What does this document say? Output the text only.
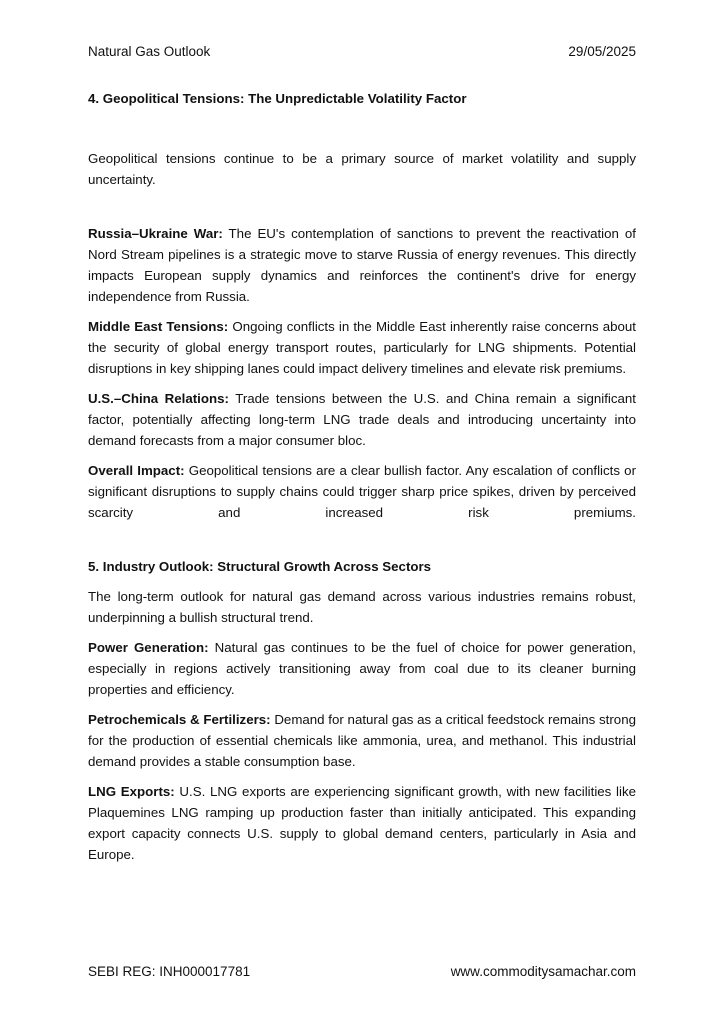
Natural Gas Outlook	29/05/2025

4. Geopolitical Tensions: The Unpredictable Volatility Factor

Geopolitical tensions continue to be a primary source of market volatility and supply uncertainty.

Russia–Ukraine War: The EU's contemplation of sanctions to prevent the reactivation of Nord Stream pipelines is a strategic move to starve Russia of energy revenues. This directly impacts European supply dynamics and reinforces the continent's drive for energy independence from Russia.

Middle East Tensions: Ongoing conflicts in the Middle East inherently raise concerns about the security of global energy transport routes, particularly for LNG shipments. Potential disruptions in key shipping lanes could impact delivery timelines and elevate risk premiums.

U.S.–China Relations: Trade tensions between the U.S. and China remain a significant factor, potentially affecting long-term LNG trade deals and introducing uncertainty into demand forecasts from a major consumer bloc.

Overall Impact: Geopolitical tensions are a clear bullish factor. Any escalation of conflicts or significant disruptions to supply chains could trigger sharp price spikes, driven by perceived scarcity and increased risk premiums.

5. Industry Outlook: Structural Growth Across Sectors

The long-term outlook for natural gas demand across various industries remains robust, underpinning a bullish structural trend.

Power Generation: Natural gas continues to be the fuel of choice for power generation, especially in regions actively transitioning away from coal due to its cleaner burning properties and efficiency.

Petrochemicals & Fertilizers: Demand for natural gas as a critical feedstock remains strong for the production of essential chemicals like ammonia, urea, and methanol. This industrial demand provides a stable consumption base.

LNG Exports: U.S. LNG exports are experiencing significant growth, with new facilities like Plaquemines LNG ramping up production faster than initially anticipated. This expanding export capacity connects U.S. supply to global demand centers, particularly in Asia and Europe.

SEBI REG: INH000017781	www.commoditysamachar.com
